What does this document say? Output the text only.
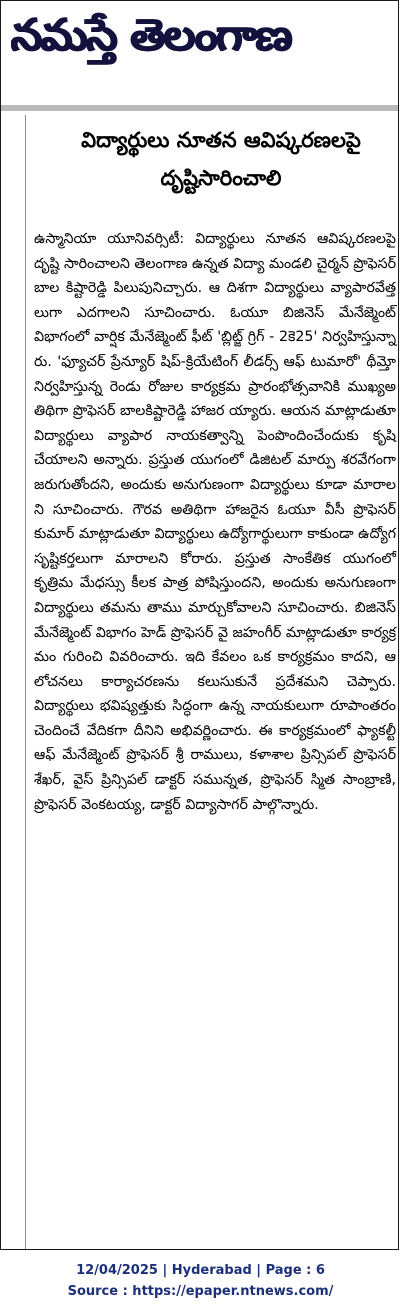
నమస్తే తెలంగాణ
విద్యార్థులు నూతన ఆవిష్కరణలపై దృష్టిసారించాలి
ఉస్మానియా యూనివర్సిటీ: విద్యార్థులు నూతన ఆవిష్కరణలపై దృష్టి సారించాలని తెలంగాణ ఉన్నత విద్యా మండలి చైర్మన్ ప్రొఫెసర్ బాల కిష్టారెడ్డి పిలుపునిచ్చారు. ఆ దిశగా విద్యార్థులు వ్యాపారవేత్తలుగా ఎదగాలని సూచించారు. ఓయూ బిజినెస్ మేనేజ్మెంట్ విభాగంలో వార్షిక మేనేజ్మెంట్ ఫీట్ 'బ్లిట్జ్ గ్రిగ్ - 2కె25' నిర్వహిస్తున్నా రు. 'ఫ్యూచర్ ప్రేన్యూర్ షిప్-క్రియేటింగ్ లీడర్స్ ఆఫ్ టుమారో' థీమ్తో నిర్వహిస్తున్న రెండు రోజుల కార్యక్రమ ప్రారంభోత్సవానికి ముఖ్యఅతిథిగా ప్రొఫెసర్ బాలకిష్టారెడ్డి హాజర య్యారు. ఆయన మాట్లాడుతూ విద్యార్థులు వ్యాపార నాయకత్వాన్ని పెంపొందించేందుకు కృషి చేయాలని అన్నారు. ప్రస్తుత యుగంలో డిజిటల్ మార్పు శరవేగంగా జరుగుతోందని, అందుకు అనుగుణంగా విద్యార్థులు కూడా మారాలని సూచించారు. గౌరవ అతిథిగా హాజరైన ఓయూ వీసీ ప్రొఫెసర్ కుమార్ మాట్లాడుతూ విద్యార్థులు ఉద్యోగార్థులుగా కాకుండా ఉద్యోగ సృష్టికర్తలుగా మారాలని కోరారు. ప్రస్తుత సాంకేతిక యుగంలో కృత్రిమ మేధస్సు కీలక పాత్ర పోషిస్తుందని, అందుకు అనుగుణంగా విద్యార్థులు తమను తాము మార్చుకోవాలని సూచించారు. బిజినెస్ మేనేజ్మెంట్ విభాగం హెడ్ ప్రొఫెసర్ వై జహంగీర్ మాట్లాడుతూ కార్యక్రమం గురించి వివరించారు. ఇది కేవలం ఒక కార్యక్రమం కాదని, ఆలోచనలు కార్యాచరణను కలుసుకునే ప్రదేశమని చెప్పారు. విద్యార్థులు భవిష్యత్తుకు సిద్ధంగా ఉన్న నాయకులుగా రూపాంతరం చెందించే వేదికగా దీనిని అభివర్ణించారు. ఈ కార్యక్రమంలో ఫ్యాకల్టీ ఆఫ్ మేనేజ్మెంట్ ప్రొఫెసర్ శ్రీ రాములు, కళాశాల ప్రిన్సిపల్ ప్రొఫెసర్ శేఖర్, వైస్ ప్రిన్సిపల్ డాక్టర్ సమున్నత, ప్రొఫెసర్ స్మిత సాంబ్రాణి, ప్రొఫెసర్ వెంకటయ్య, డాక్టర్ విద్యాసాగర్ పాల్గొన్నారు.
12/04/2025 | Hyderabad | Page : 6
Source : https://epaper.ntnews.com/
